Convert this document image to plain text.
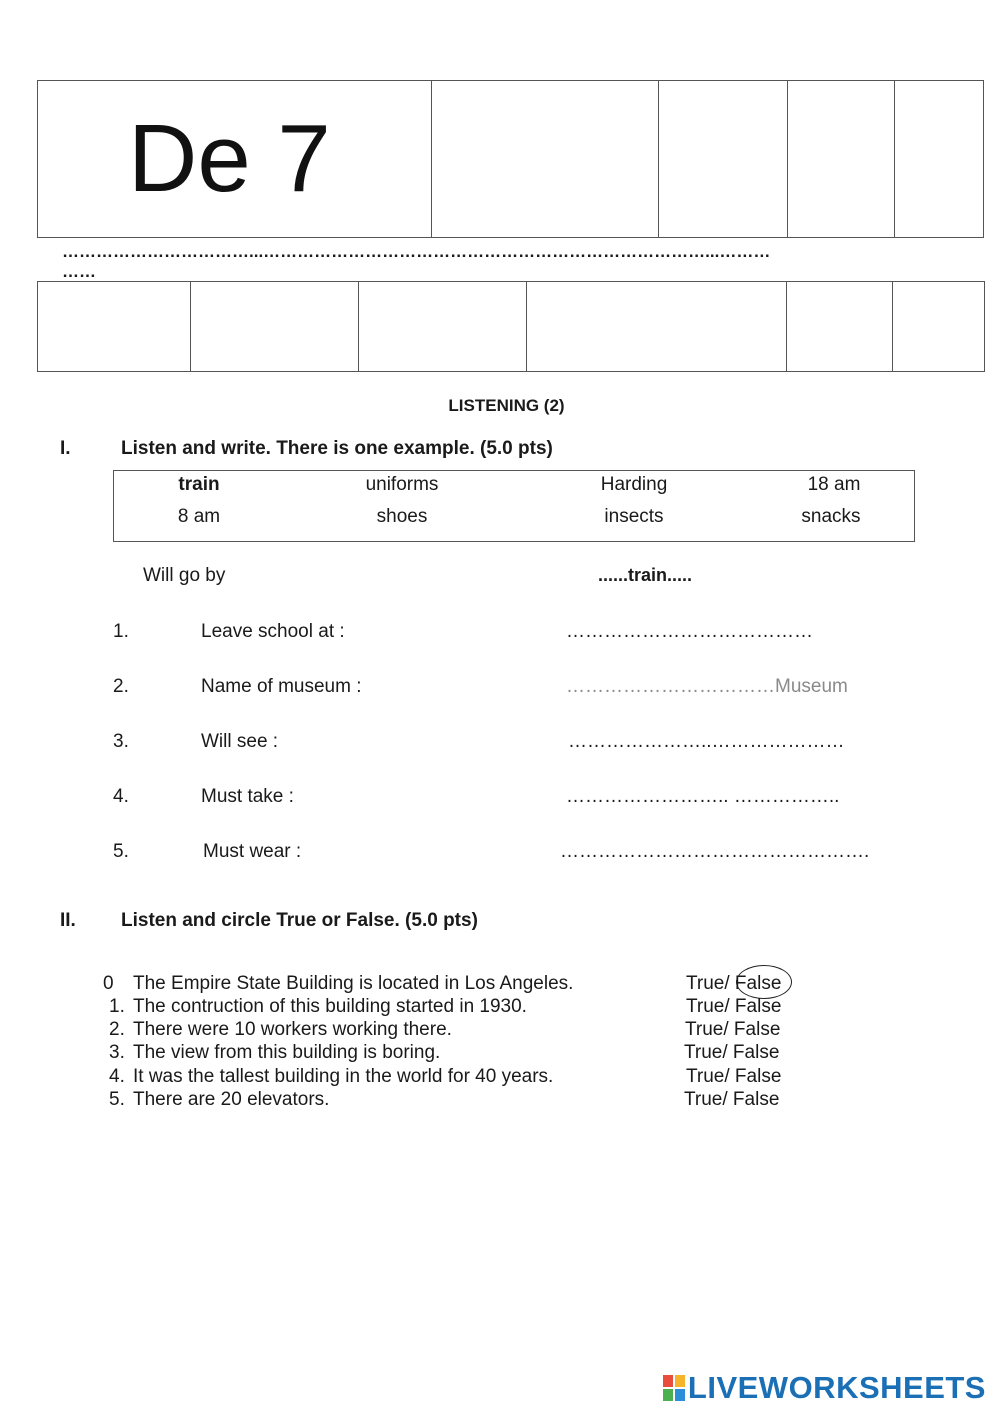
De 7
……………………………...……………………………………………………………………...………
……
LISTENING (2)
I.	Listen and write. There is one example. (5.0 pts)
train	uniforms	Harding	18 am
8 am	shoes	insects	snacks
Will go by	......train.....
1.	Leave school at :	…………………………………
2.	Name of museum :	……………………………Museum
3.	Will see :	…………………..…………………
4.	Must take :	…………………….. ……………..
5.	Must wear :	………………………………………….
II. Listen and circle True or False. (5.0 pts)
0 The Empire State Building is located in Los Angeles.	True/ False
1. The contruction of this building started in 1930.	True/ False
2. There were 10 workers working there.	True/ False
3. The view from this building is boring.	True/ False
4. It was the tallest building in the world for 40 years.	True/ False
5. There are 20 elevators.	True/ False
LIVEWORKSHEETS
